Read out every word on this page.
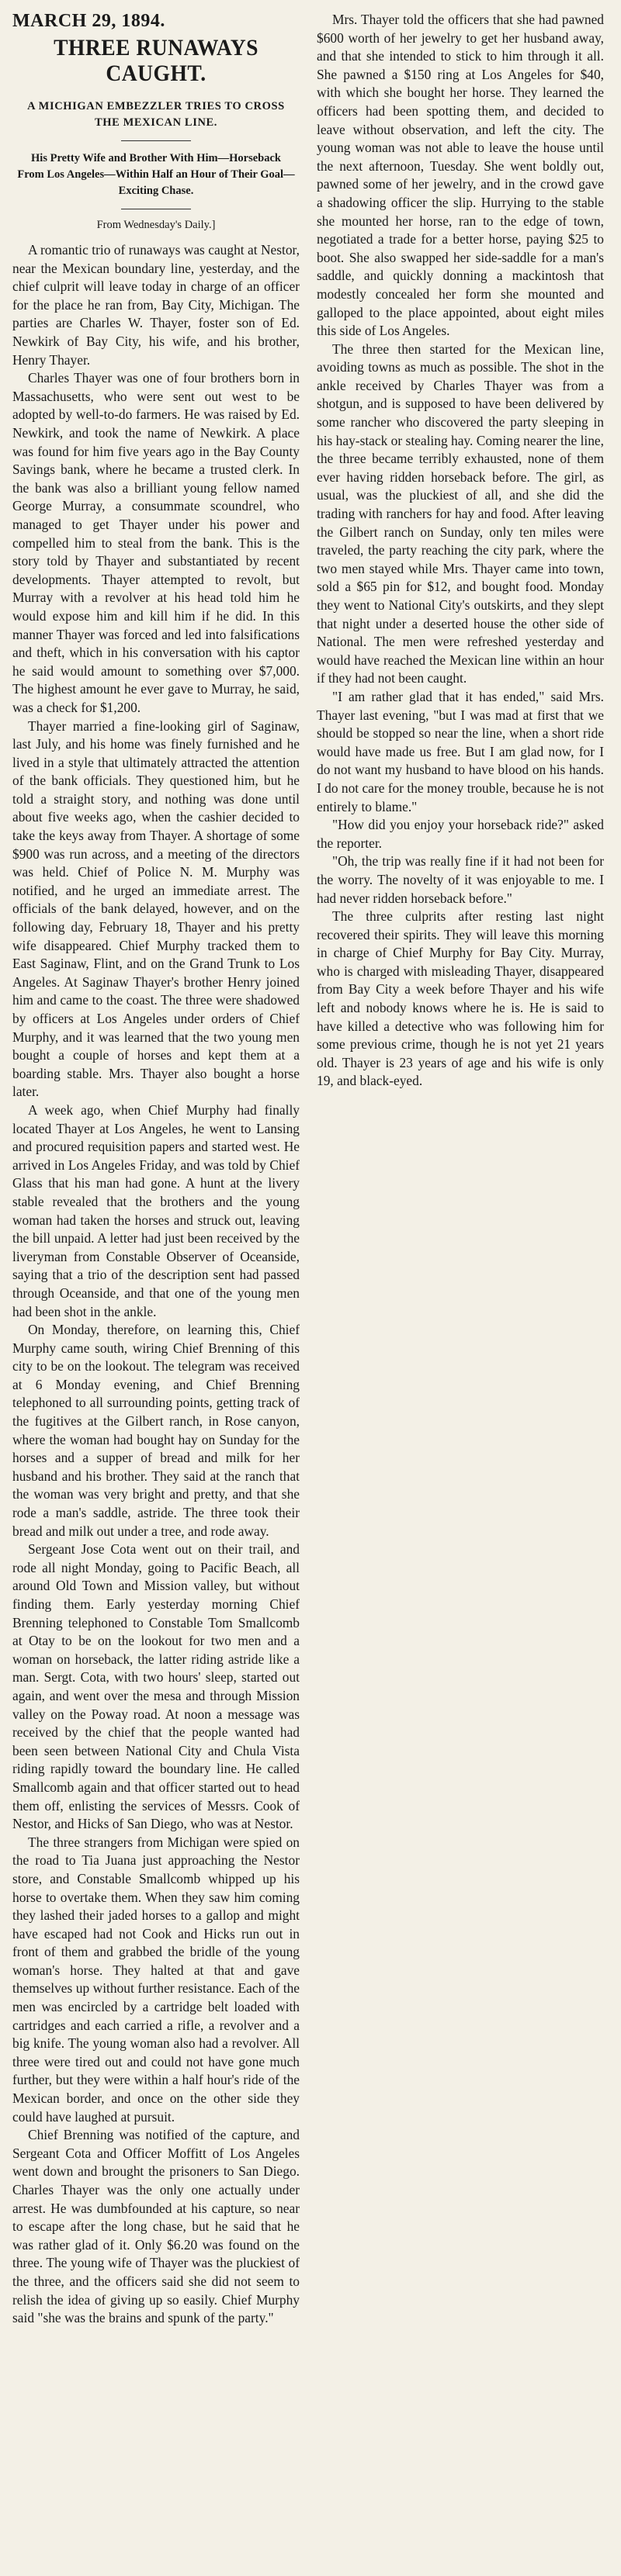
MARCH 29, 1894.
THREE RUNAWAYS CAUGHT.
A MICHIGAN EMBEZZLER TRIES TO CROSS THE MEXICAN LINE.
His Pretty Wife and Brother With Him—Horseback From Los Angeles—Within Half an Hour of Their Goal—Exciting Chase.
From Wednesday's Daily.]

A romantic trio of runaways was caught at Nestor, near the Mexican boundary line, yesterday, and the chief culprit will leave today in charge of an officer for the place he ran from, Bay City, Michigan. The parties are Charles W. Thayer, foster son of Ed. Newkirk of Bay City, his wife, and his brother, Henry Thayer.

Charles Thayer was one of four brothers born in Massachusetts, who were sent out west to be adopted by well-to-do farmers. He was raised by Ed. Newkirk, and took the name of Newkirk. A place was found for him five years ago in the Bay County Savings bank, where he became a trusted clerk. In the bank was also a brilliant young fellow named George Murray, a consummate scoundrel, who managed to get Thayer under his power and compelled him to steal from the bank. This is the story told by Thayer and substantiated by recent developments. Thayer attempted to revolt, but Murray with a revolver at his head told him he would expose him and kill him if he did. In this manner Thayer was forced and led into falsifications and theft, which in his conversation with his captor he said would amount to something over $7,000. The highest amount he ever gave to Murray, he said, was a check for $1,200.

Thayer married a fine-looking girl of Saginaw, last July, and his home was finely furnished and he lived in a style that ultimately attracted the attention of the bank officials. They questioned him, but he told a straight story, and nothing was done until about five weeks ago, when the cashier decided to take the keys away from Thayer. A shortage of some $900 was run across, and a meeting of the directors was held. Chief of Police N. M. Murphy was notified, and he urged an immediate arrest. The officials of the bank delayed, however, and on the following day, February 18, Thayer and his pretty wife disappeared. Chief Murphy tracked them to East Saginaw, Flint, and on the Grand Trunk to Los Angeles. At Saginaw Thayer's brother Henry joined him and came to the coast. The three were shadowed by officers at Los Angeles under orders of Chief Murphy, and it was learned that the two young men bought a couple of horses and kept them at a boarding stable. Mrs. Thayer also bought a horse later.

A week ago, when Chief Murphy had finally located Thayer at Los Angeles, he went to Lansing and procured requisition papers and started west. He arrived in Los Angeles Friday, and was told by Chief Glass that his man had gone. A hunt at the livery stable revealed that the brothers and the young woman had taken the horses and struck out, leaving the bill unpaid. A letter had just been received by the liveryman from Constable Observer of Oceanside, saying that a trio of the description sent had passed through Oceanside, and that one of the young men had been shot in the ankle.

On Monday, therefore, on learning this, Chief Murphy came south, wiring Chief Brenning of this city to be on the lookout. The telegram was received at 6 Monday evening, and Chief Brenning telephoned to all surrounding points, getting track of the fugitives at the Gilbert ranch, in Rose canyon, where the woman had bought hay on Sunday for the horses and a supper of bread and milk for her husband and his brother. They said at the ranch that the woman was very bright and pretty, and that she rode a man's saddle, astride. The three took their bread and milk out under a tree, and rode away.

Sergeant Jose Cota went out on their trail, and rode all night Monday, going to Pacific Beach, all around Old Town and Mission valley, but without finding them. Early yesterday morning Chief Brenning telephoned to Constable Tom Smallcomb at Otay to be on the lookout for two men and a woman on horseback, the latter riding astride like a man. Sergt. Cota, with two hours' sleep, started out again, and went over the mesa and through Mission valley on the Poway road. At noon a message was received by the chief that the people wanted had been seen between National City and Chula Vista riding rapidly toward the boundary line. He called Smallcomb again and that officer started out to head them off, enlisting the services of Messrs. Cook of Nestor, and Hicks of San Diego, who was at Nestor.

The three strangers from Michigan were spied on the road to Tia Juana just approaching the Nestor store, and Constable Smallcomb whipped up his horse to overtake them. When they saw him coming they lashed their jaded horses to a gallop and might have escaped had not Cook and Hicks run out in front of them and grabbed the bridle of the young woman's horse. They halted at that and gave themselves up without further resistance. Each of the men was encircled by a cartridge belt loaded with cartridges and each carried a rifle, a revolver and a big knife. The young woman also had a revolver. All three were tired out and could not have gone much further, but they were within a half hour's ride of the Mexican border, and once on the other side they could have laughed at pursuit.

Chief Brenning was notified of the capture, and Sergeant Cota and Officer Moffitt of Los Angeles went down and brought the prisoners to San Diego. Charles Thayer was the only one actually under arrest. He was dumbfounded at his capture, so near to escape after the long chase, but he said that he was rather glad of it. Only $6.20 was found on the three. The young wife of Thayer was the pluckiest of the three, and the officers said she did not seem to relish the idea of giving up so easily. Chief Murphy said "she was the brains and spunk of the party."

Mrs. Thayer told the officers that she had pawned $600 worth of her jewelry to get her husband away, and that she intended to stick to him through it all. She pawned a $150 ring at Los Angeles for $40, with which she bought her horse. They learned the officers had been spotting them, and decided to leave without observation, and left the city. The young woman was not able to leave the house until the next afternoon, Tuesday. She went boldly out, pawned some of her jewelry, and in the crowd gave a shadowing officer the slip. Hurrying to the stable she mounted her horse, ran to the edge of town, negotiated a trade for a better horse, paying $25 to boot. She also swapped her side-saddle for a man's saddle, and quickly donning a mackintosh that modestly concealed her form she mounted and galloped to the place appointed, about eight miles this side of Los Angeles.

The three then started for the Mexican line, avoiding towns as much as possible. The shot in the ankle received by Charles Thayer was from a shotgun, and is supposed to have been delivered by some rancher who discovered the party sleeping in his hay-stack or stealing hay. Coming nearer the line, the three became terribly exhausted, none of them ever having ridden horseback before. The girl, as usual, was the pluckiest of all, and she did the trading with ranchers for hay and food. After leaving the Gilbert ranch on Sunday, only ten miles were traveled, the party reaching the city park, where the two men stayed while Mrs. Thayer came into town, sold a $65 pin for $12, and bought food. Monday they went to National City's outskirts, and they slept that night under a deserted house the other side of National. The men were refreshed yesterday and would have reached the Mexican line within an hour if they had not been caught.

"I am rather glad that it has ended," said Mrs. Thayer last evening, "but I was mad at first that we should be stopped so near the line, when a short ride would have made us free. But I am glad now, for I do not want my husband to have blood on his hands. I do not care for the money trouble, because he is not entirely to blame."

"How did you enjoy your horseback ride?" asked the reporter.

"Oh, the trip was really fine if it had not been for the worry. The novelty of it was enjoyable to me. I had never ridden horseback before."

The three culprits after resting last night recovered their spirits. They will leave this morning in charge of Chief Murphy for Bay City. Murray, who is charged with misleading Thayer, disappeared from Bay City a week before Thayer and his wife left and nobody knows where he is. He is said to have killed a detective who was following him for some previous crime, though he is not yet 21 years old. Thayer is 23 years of age and his wife is only 19, and black-eyed.
